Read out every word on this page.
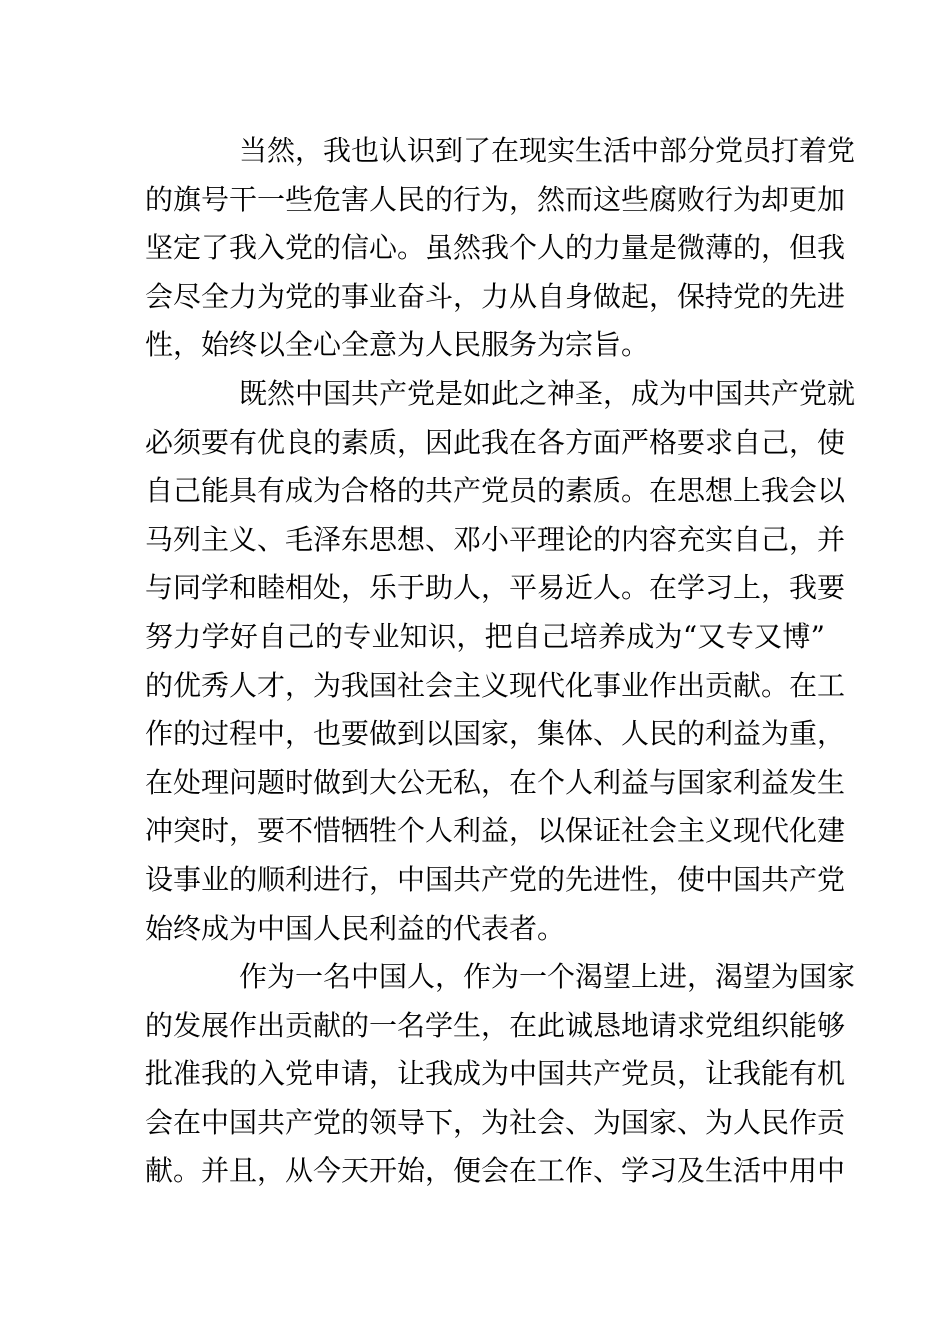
当然，我也认识到了在现实生活中部分党员打着党
的旗号干一些危害人民的行为，然而这些腐败行为却更加
坚定了我入党的信心。虽然我个人的力量是微薄的，但我
会尽全力为党的事业奋斗，力从自身做起，保持党的先进
性，始终以全心全意为人民服务为宗旨。
既然中国共产党是如此之神圣，成为中国共产党就
必须要有优良的素质，因此我在各方面严格要求自己，使
自己能具有成为合格的共产党员的素质。在思想上我会以
马列主义、毛泽东思想、邓小平理论的内容充实自己，并
与同学和睦相处，乐于助人，平易近人。在学习上，我要
努力学好自己的专业知识，把自己培养成为“又专又博”
的优秀人才，为我国社会主义现代化事业作出贡献。在工
作的过程中，也要做到以国家，集体、人民的利益为重，
在处理问题时做到大公无私，在个人利益与国家利益发生
冲突时，要不惜牺牲个人利益，以保证社会主义现代化建
设事业的顺利进行，中国共产党的先进性，使中国共产党
始终成为中国人民利益的代表者。
作为一名中国人，作为一个渴望上进，渴望为国家
的发展作出贡献的一名学生，在此诚恳地请求党组织能够
批准我的入党申请，让我成为中国共产党员，让我能有机
会在中国共产党的领导下，为社会、为国家、为人民作贡
献。并且，从今天开始，便会在工作、学习及生活中用中
